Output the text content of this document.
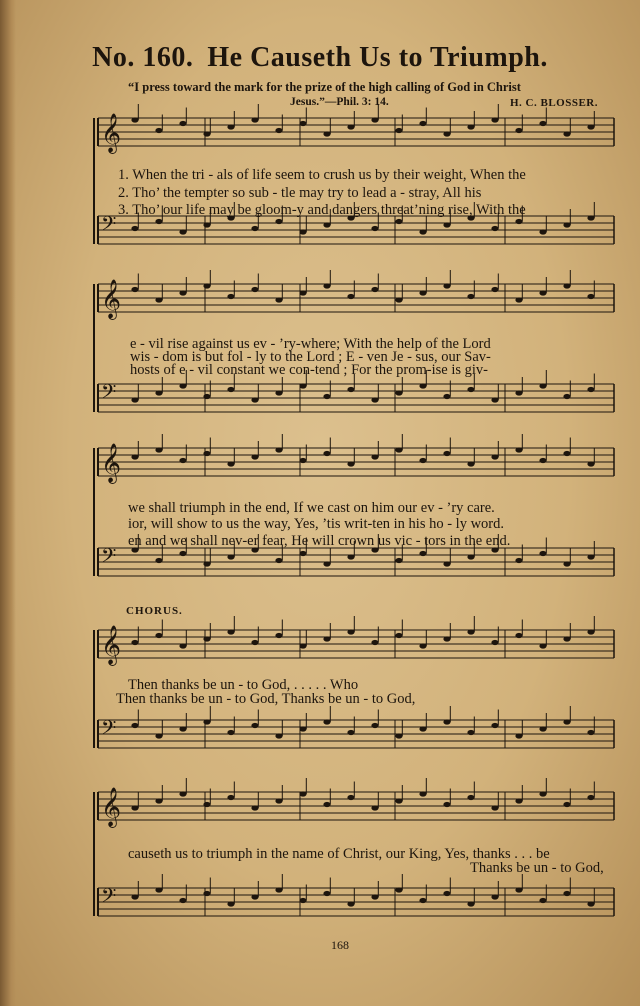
No. 160. He Causeth Us to Triumph.
“I press toward the mark for the prize of the high calling of God in Christ
Jesus.”—Phil. 3: 14.	H. C. BLOSSER.
𝄞
𝄢
𝄞
𝄢
𝄞
𝄢
𝄞
𝄢
𝄞
𝄢
1. When the tri - als of life seem to crush us by their weight, When the
2. Tho’ the tempter so sub - tle may try to lead a - stray, All his
3. Tho’ our life may be gloom-y and dangers threat’ning rise, With the
e - vil rise against us ev - ’ry-where; With the help of the Lord
wis - dom is but fol - ly to the Lord ; E - ven Je - sus, our Sav-
hosts of e - vil constant we con-tend ; For the prom-ise is giv-
we shall triumph in the end, If we cast on him our ev - ’ry care.
ior, will show to us the way, Yes, ’tis writ-ten in his ho - ly word.
en and we shall nev-er fear, He will crown us vic - tors in the end.
CHORUS.
Then thanks be un - to God, . . . . . Who
Then thanks be un - to God, Thanks be un - to God,
causeth us to triumph in the name of Christ, our King, Yes, thanks . . . be
Thanks be un - to God,
168
